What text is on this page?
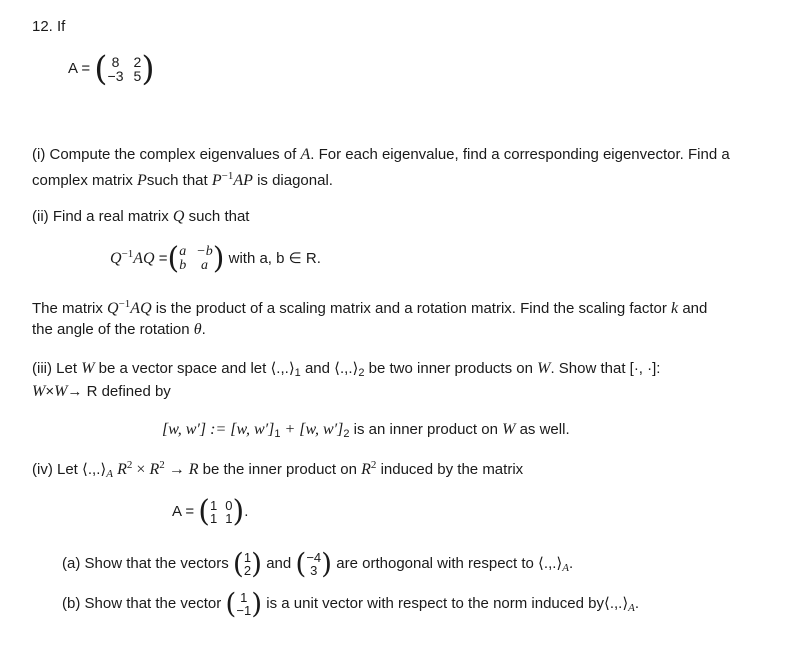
12. If
A = ( 8 2
−3 5 )
(i) Compute the complex eigenvalues of A. For each eigenvalue, find a corresponding eigenvector. Find a
complex matrix Psuch that $P^{-1}AP$ is diagonal.
(ii) Find a real matrix Q such that
$Q^{-1}AQ$ = ( a −b
b	a ) with a, b ∈ R.
The matrix $Q^{-1}AQ$ is the product of a scaling matrix and a rotation matrix. Find the scaling factor k and
the angle of the rotation θ.
(iii) Let W be a vector space and let $⟨.,.⟩_1$ and $⟨.,.⟩_2$ be two inner products on W. Show that [·, ·]:
W×W→ R defined by
[w, w′] := [w, $w']_1 + [w$, $w']_2$ is an inner product on W as well.
(iv) Let $⟨.,.⟩_A$ $R^2 \times R^2 \to R$ be the inner product on $R^2$ induced by the matrix
A = ( 1 0
1 1 ) .
(a) Show that the vectors ( 1
2 ) and ( −4
3 ) are orthogonal with respect to $⟨.,.⟩_A$.
(b) Show that the vector ( 1
−1 ) is a unit vector with respect to the norm induced $by⟨.,.⟩_A$.
